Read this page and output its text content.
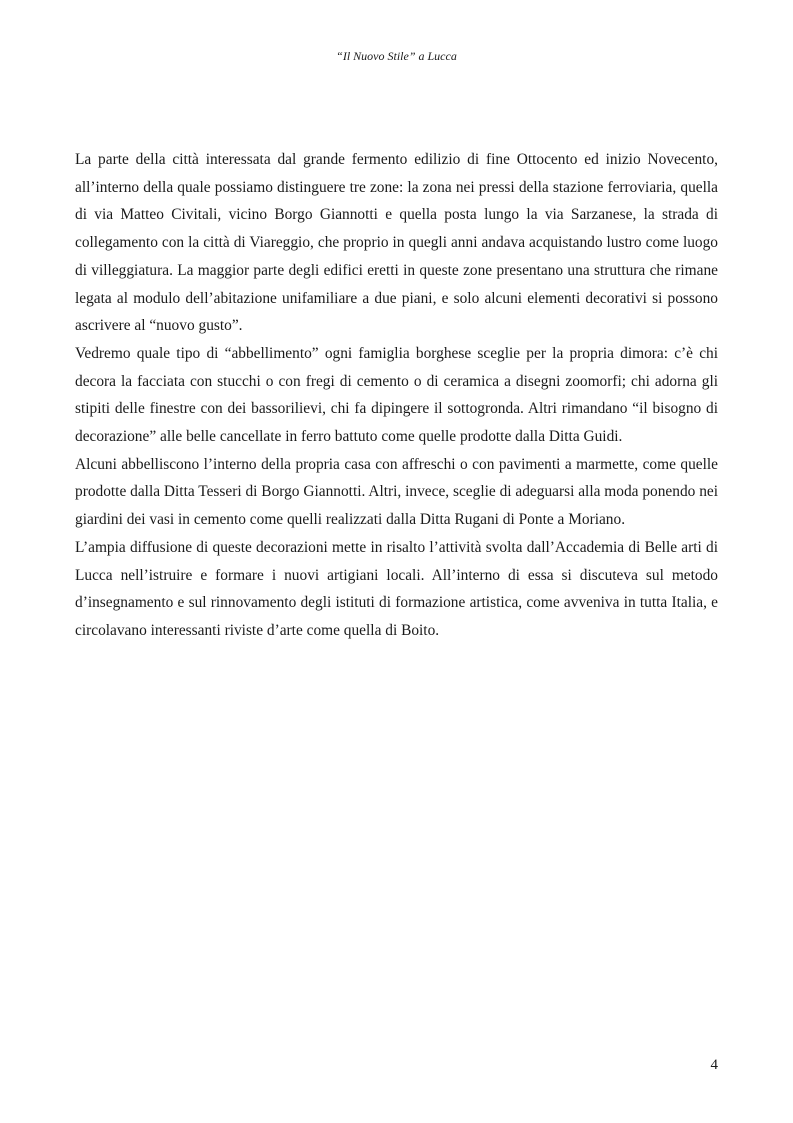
“Il Nuovo Stile” a Lucca

La parte della città interessata dal grande fermento edilizio di fine Ottocento ed inizio Novecento, all’interno della quale possiamo distinguere tre zone: la zona nei pressi della stazione ferroviaria, quella di via Matteo Civitali, vicino Borgo Giannotti e quella posta lungo la via Sarzanese, la strada di collegamento con la città di Viareggio, che proprio in quegli anni andava acquistando lustro come luogo di villeggiatura. La maggior parte degli edifici eretti in queste zone presentano una struttura che rimane legata al modulo dell’abitazione unifamiliare a due piani, e solo alcuni elementi decorativi si possono ascrivere al “nuovo gusto”.

Vedremo quale tipo di “abbellimento” ogni famiglia borghese sceglie per la propria dimora: c’è chi decora la facciata con stucchi o con fregi di cemento o di ceramica a disegni zoomorfi; chi adorna gli stipiti delle finestre con dei bassorilievi, chi fa dipingere il sottogronda. Altri rimandano “il bisogno di decorazione” alle belle cancellate in ferro battuto come quelle prodotte dalla Ditta Guidi.

Alcuni abbelliscono l’interno della propria casa con affreschi o con pavimenti a marmette, come quelle prodotte dalla Ditta Tesseri di Borgo Giannotti. Altri, invece, sceglie di adeguarsi alla moda ponendo nei giardini dei vasi in cemento come quelli realizzati dalla Ditta Rugani di Ponte a Moriano.

L’ampia diffusione di queste decorazioni mette in risalto l’attività svolta dall’Accademia di Belle arti di Lucca nell’istruire e formare i nuovi artigiani locali. All’interno di essa si discuteva sul metodo d’insegnamento e sul rinnovamento degli istituti di formazione artistica, come avveniva in tutta Italia, e circolavano interessanti riviste d’arte come quella di Boito.

4
